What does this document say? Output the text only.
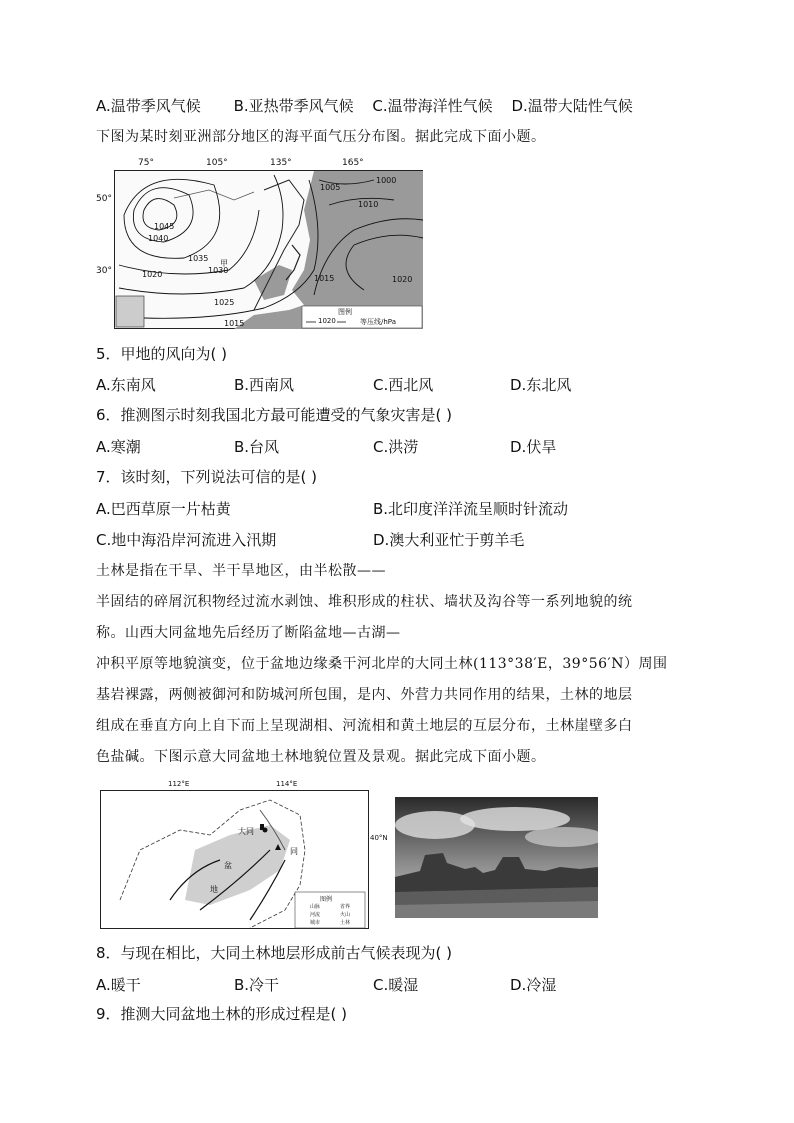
A.温带季风气候 B.亚热带季风气候 C.温带海洋性气候 D.温带大陆性气候
下图为某时刻亚洲部分地区的海平面气压分布图。据此完成下面小题。
75°	105°	135°	165°
50°
30°
1005
1000
1010
1045
1040
1035
甲
1030
1020	1015
1025
1015
1020
图例
1020	等压线/hPa
5．甲地的风向为( )
A.东南风	B.西南风	C.西北风	D.东北风
6．推测图示时刻我国北方最可能遭受的气象灾害是( )
A.寒潮	B.台风	C.洪涝	D.伏旱
7．该时刻，下列说法可信的是( )
A.巴西草原一片枯黄	B.北印度洋洋流呈顺时针流动
C.地中海沿岸河流进入汛期	D.澳大利亚忙于剪羊毛
土林是指在干旱、半干旱地区，由半松散——
半固结的碎屑沉积物经过流水剥蚀、堆积形成的柱状、墙状及沟谷等一系列地貌的统
称。山西大同盆地先后经历了断陷盆地—古湖—
冲积平原等地貌演变，位于盆地边缘桑干河北岸的大同土林(113°38′E，39°56′N）周围
基岩裸露，两侧被御河和防城河所包围，是内、外营力共同作用的结果，土林的地层
组成在垂直方向上自下而上呈现湖相、河流相和黄土地层的互层分布，土林崖壁多白
色盐碱。下图示意大同盆地土林地貌位置及景观。据此完成下面小题。
112°E	114°E
40°N
大同
盆
地
同
图例
山脉	省界
河流	火山
城市	土林
8．与现在相比，大同土林地层形成前古气候表现为( )
A.暖干	B.冷干	C.暖湿	D.冷湿
9．推测大同盆地土林的形成过程是( )
